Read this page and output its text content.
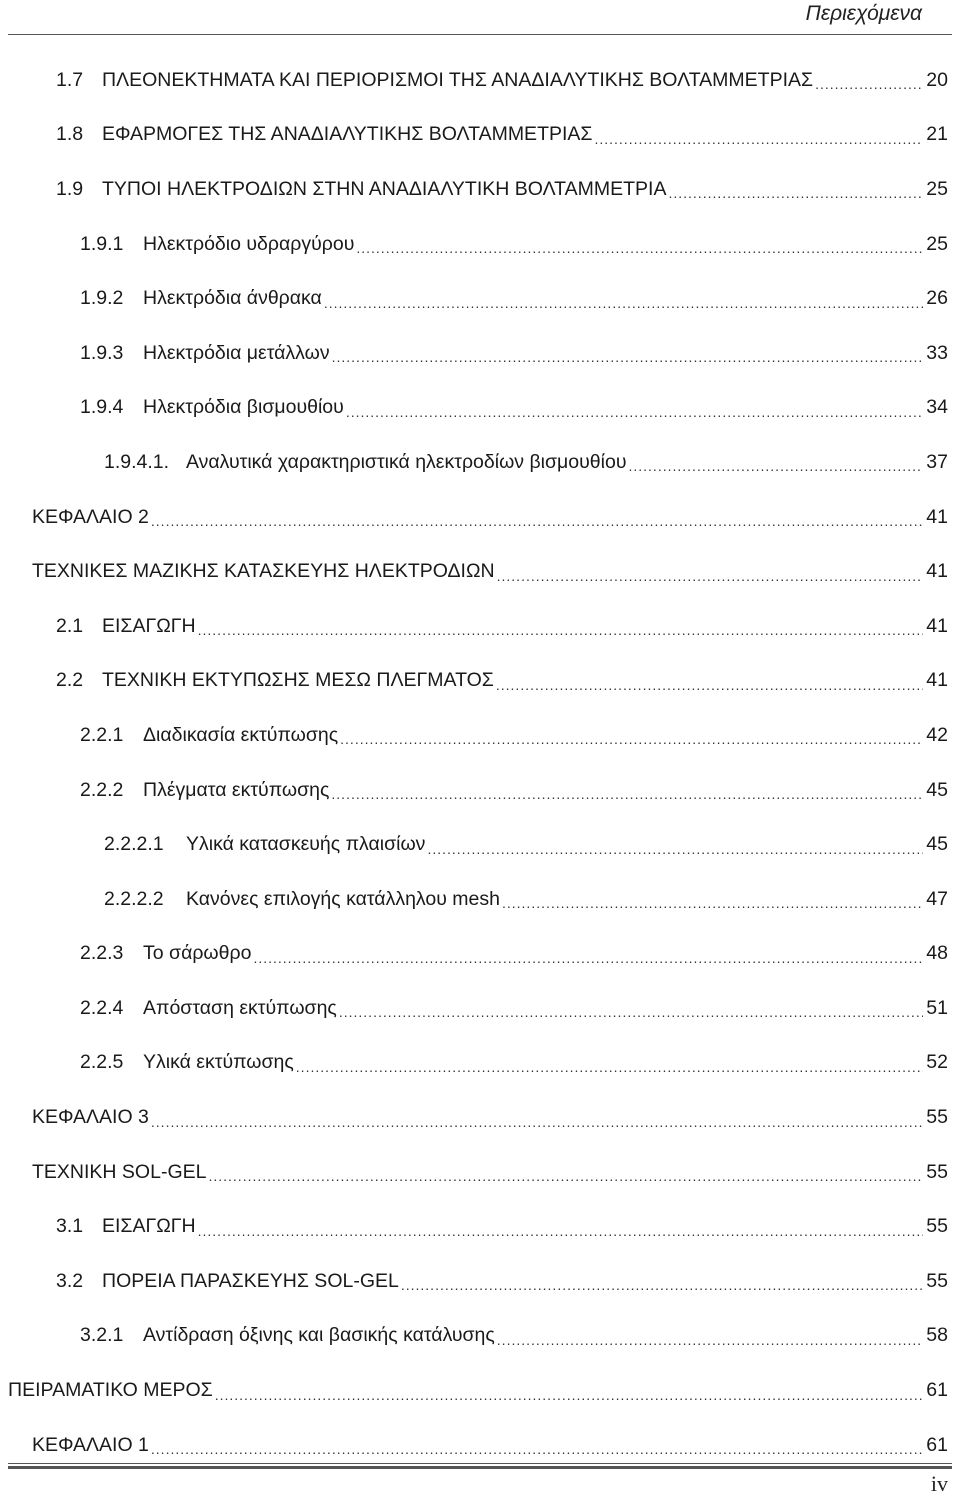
Περιεχόμενα
1.7 ΠΛΕΟΝΕΚΤΗΜΑΤΑ ΚΑΙ ΠΕΡΙΟΡΙΣΜΟΙ ΤΗΣ ΑΝΑΔΙΑΛΥΤΙΚΗΣ ΒΟΛΤΑΜΜΕΤΡΙΑΣ .....	20
1.8 ΕΦΑΡΜΟΓΕΣ ΤΗΣ ΑΝΑΔΙΑΛΥΤΙΚΗΣ ΒΟΛΤΑΜΜΕΤΡΙΑΣ .....	21
1.9 ΤΥΠΟΙ ΗΛΕΚΤΡΟΔΙΩΝ ΣΤΗΝ ΑΝΑΔΙΑΛΥΤΙΚΗ ΒΟΛΤΑΜΜΕΤΡΙΑ .....	25
1.9.1	Ηλεκτρόδιο υδραργύρου .....	25
1.9.2	Ηλεκτρόδια άνθρακα .....	26
1.9.3	Ηλεκτρόδια μετάλλων .....	33
1.9.4	Ηλεκτρόδια βισμουθίου .....	34
1.9.4.1. Αναλυτικά χαρακτηριστικά ηλεκτροδίων βισμουθίου .....	37
ΚΕΦΑΛΑΙΟ 2 .....	41
ΤΕΧΝΙΚΕΣ ΜΑΖΙΚΗΣ ΚΑΤΑΣΚΕΥΗΣ ΗΛΕΚΤΡΟΔΙΩΝ .....	41
2.1 ΕΙΣΑΓΩΓΗ .....	41
2.2 ΤΕΧΝΙΚΗ ΕΚΤΥΠΩΣΗΣ ΜΕΣΩ ΠΛΕΓΜΑΤΟΣ .....	41
2.2.1	Διαδικασία εκτύπωσης .....	42
2.2.2	Πλέγματα εκτύπωσης .....	45
2.2.2.1	Υλικά κατασκευής πλαισίων .....	45
2.2.2.2	Κανόνες επιλογής κατάλληλου mesh .....	47
2.2.3	Το σάρωθρο .....	48
2.2.4	Απόσταση εκτύπωσης .....	51
2.2.5	Υλικά εκτύπωσης .....	52
ΚΕΦΑΛΑΙΟ 3 .....	55
ΤΕΧΝΙΚΗ SOL-GEL .....	55
3.1 ΕΙΣΑΓΩΓΗ .....	55
3.2 ΠΟΡΕΙΑ ΠΑΡΑΣΚΕΥΗΣ SOL-GEL .....	55
3.2.1	Αντίδραση όξινης και βασικής κατάλυσης .....	58
ΠΕΙΡΑΜΑΤΙΚΟ ΜΕΡΟΣ .....	61
ΚΕΦΑΛΑΙΟ 1 .....	61
iv
